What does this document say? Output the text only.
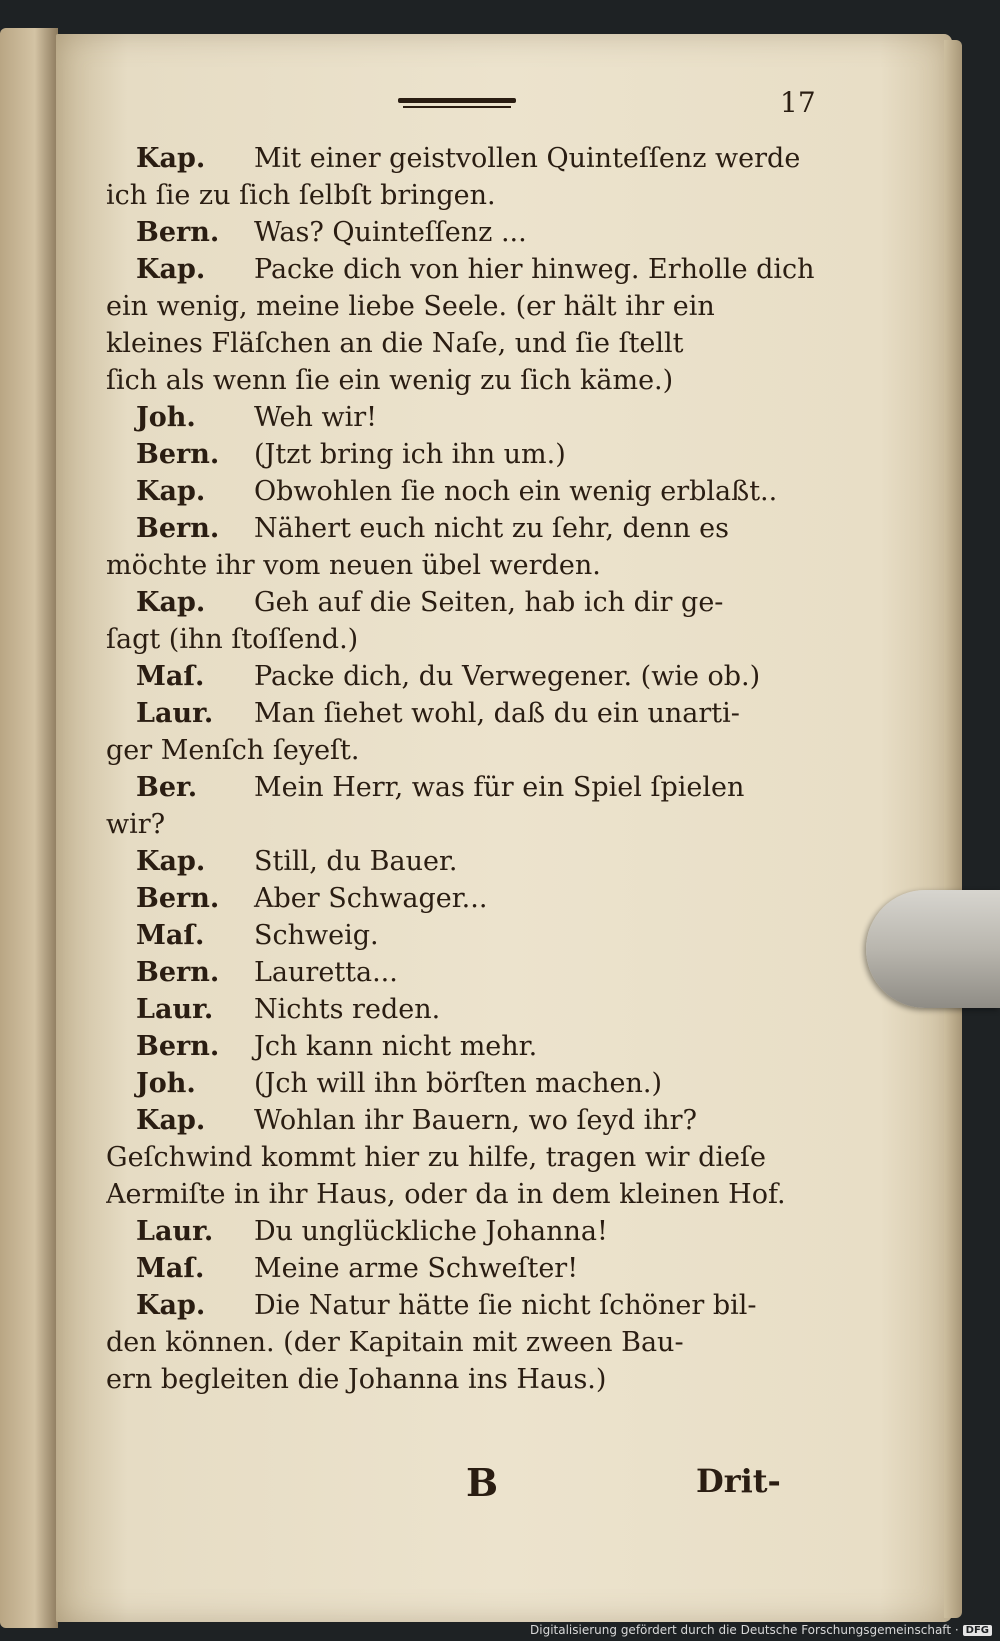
17
Kap. Mit einer geistvollen Quinteſſenz werde
ich ſie zu ſich ſelbſt bringen.
Bern. Was? Quinteſſenz ...
Kap. Packe dich von hier hinweg. Erholle dich
ein wenig, meine liebe Seele. (er hält ihr ein
kleines Fläſchen an die Naſe, und ſie ſtellt
ſich als wenn ſie ein wenig zu ſich käme.)
Joh. Weh wir!
Bern. (Jtzt bring ich ihn um.)
Kap. Obwohlen ſie noch ein wenig erblaßt..
Bern. Nähert euch nicht zu ſehr, denn es
möchte ihr vom neuen übel werden.
Kap. Geh auf die Seiten, hab ich dir ge-
ſagt (ihn ſtoſſend.)
Maſ. Packe dich, du Verwegener. (wie ob.)
Laur. Man ſiehet wohl, daß du ein unarti-
ger Menſch ſeyeſt.
Ber. Mein Herr, was für ein Spiel ſpielen
wir?
Kap. Still, du Bauer.
Bern. Aber Schwager...
Maſ. Schweig.
Bern. Lauretta...
Laur. Nichts reden.
Bern. Jch kann nicht mehr.
Joh. (Jch will ihn börſten machen.)
Kap. Wohlan ihr Bauern, wo ſeyd ihr?
Geſchwind kommt hier zu hilfe, tragen wir dieſe
Aermiſte in ihr Haus, oder da in dem kleinen Hof.
Laur. Du unglückliche Johanna!
Maſ. Meine arme Schweſter!
Kap. Die Natur hätte ſie nicht ſchöner bil-
den können. (der Kapitain mit zween Bau-
ern begleiten die Johanna ins Haus.)
B	Drit-
Digitalisierung gefördert durch die Deutsche Forschungsgemeinschaft · DFG
